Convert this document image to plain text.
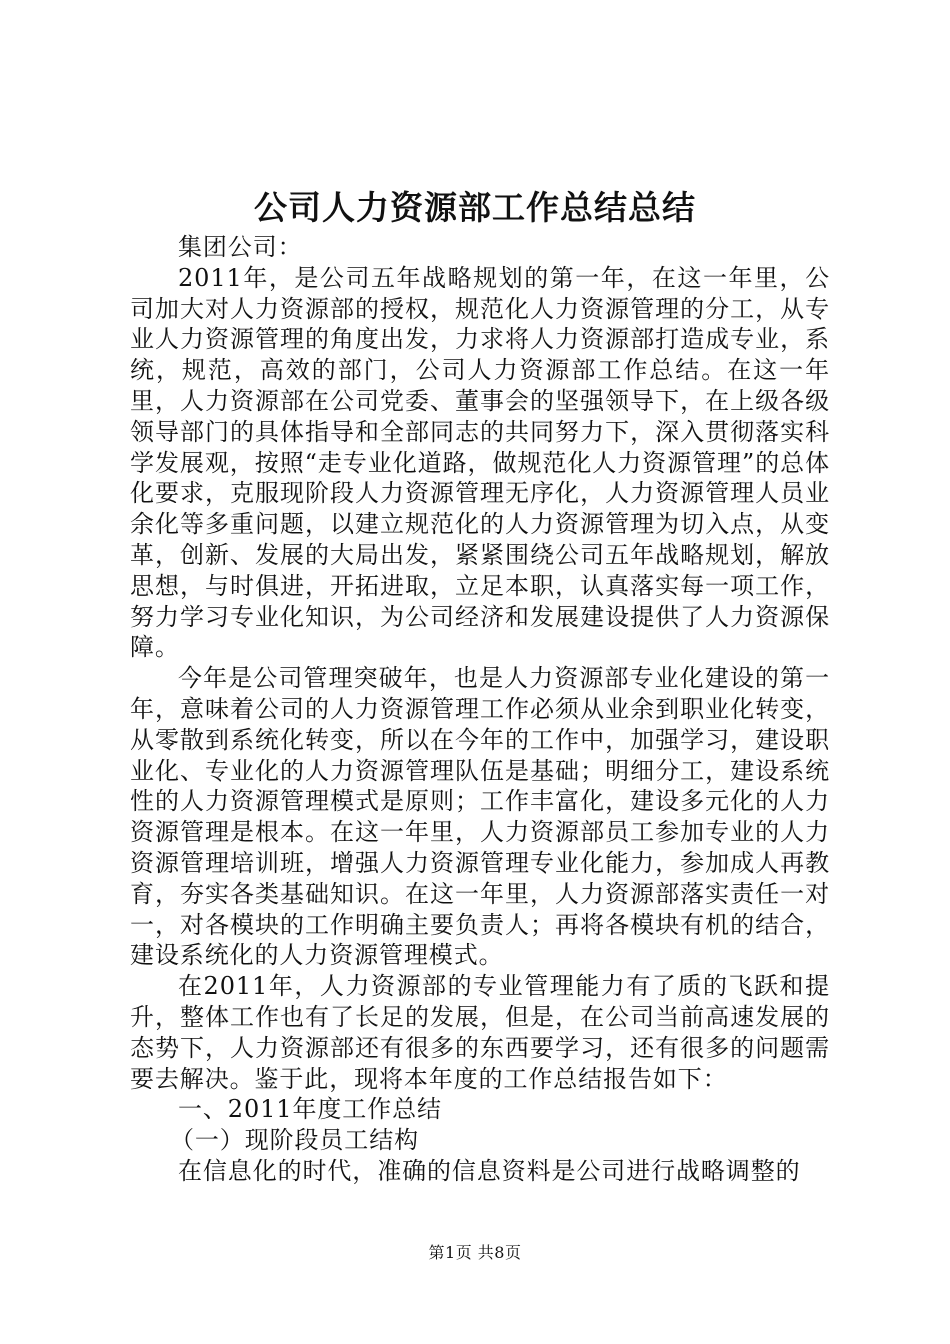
公司人力资源部工作总结总结

集团公司：

2011年，是公司五年战略规划的第一年，在这一年里，公司加大对人力资源部的授权，规范化人力资源管理的分工，从专业人力资源管理的角度出发，力求将人力资源部打造成专业，系统，规范，高效的部门，公司人力资源部工作总结。在这一年里，人力资源部在公司党委、董事会的坚强领导下，在上级各级领导部门的具体指导和全部同志的共同努力下，深入贯彻落实科学发展观，按照“走专业化道路，做规范化人力资源管理”的总体化要求，克服现阶段人力资源管理无序化，人力资源管理人员业余化等多重问题，以建立规范化的人力资源管理为切入点，从变革，创新、发展的大局出发，紧紧围绕公司五年战略规划，解放思想，与时俱进，开拓进取，立足本职，认真落实每一项工作，努力学习专业化知识，为公司经济和发展建设提供了人力资源保障。

今年是公司管理突破年，也是人力资源部专业化建设的第一年，意味着公司的人力资源管理工作必须从业余到职业化转变，从零散到系统化转变，所以在今年的工作中，加强学习，建设职业化、专业化的人力资源管理队伍是基础；明细分工，建设系统性的人力资源管理模式是原则；工作丰富化，建设多元化的人力资源管理是根本。在这一年里，人力资源部员工参加专业的人力资源管理培训班，增强人力资源管理专业化能力，参加成人再教育，夯实各类基础知识。在这一年里，人力资源部落实责任一对一，对各模块的工作明确主要负责人；再将各模块有机的结合，建设系统化的人力资源管理模式。

在2011年，人力资源部的专业管理能力有了质的飞跃和提升，整体工作也有了长足的发展，但是，在公司当前高速发展的态势下，人力资源部还有很多的东西要学习，还有很多的问题需要去解决。鉴于此，现将本年度的工作总结报告如下：

一、2011年度工作总结

（一）现阶段员工结构

在信息化的时代，准确的信息资料是公司进行战略调整的

第1页 共8页
